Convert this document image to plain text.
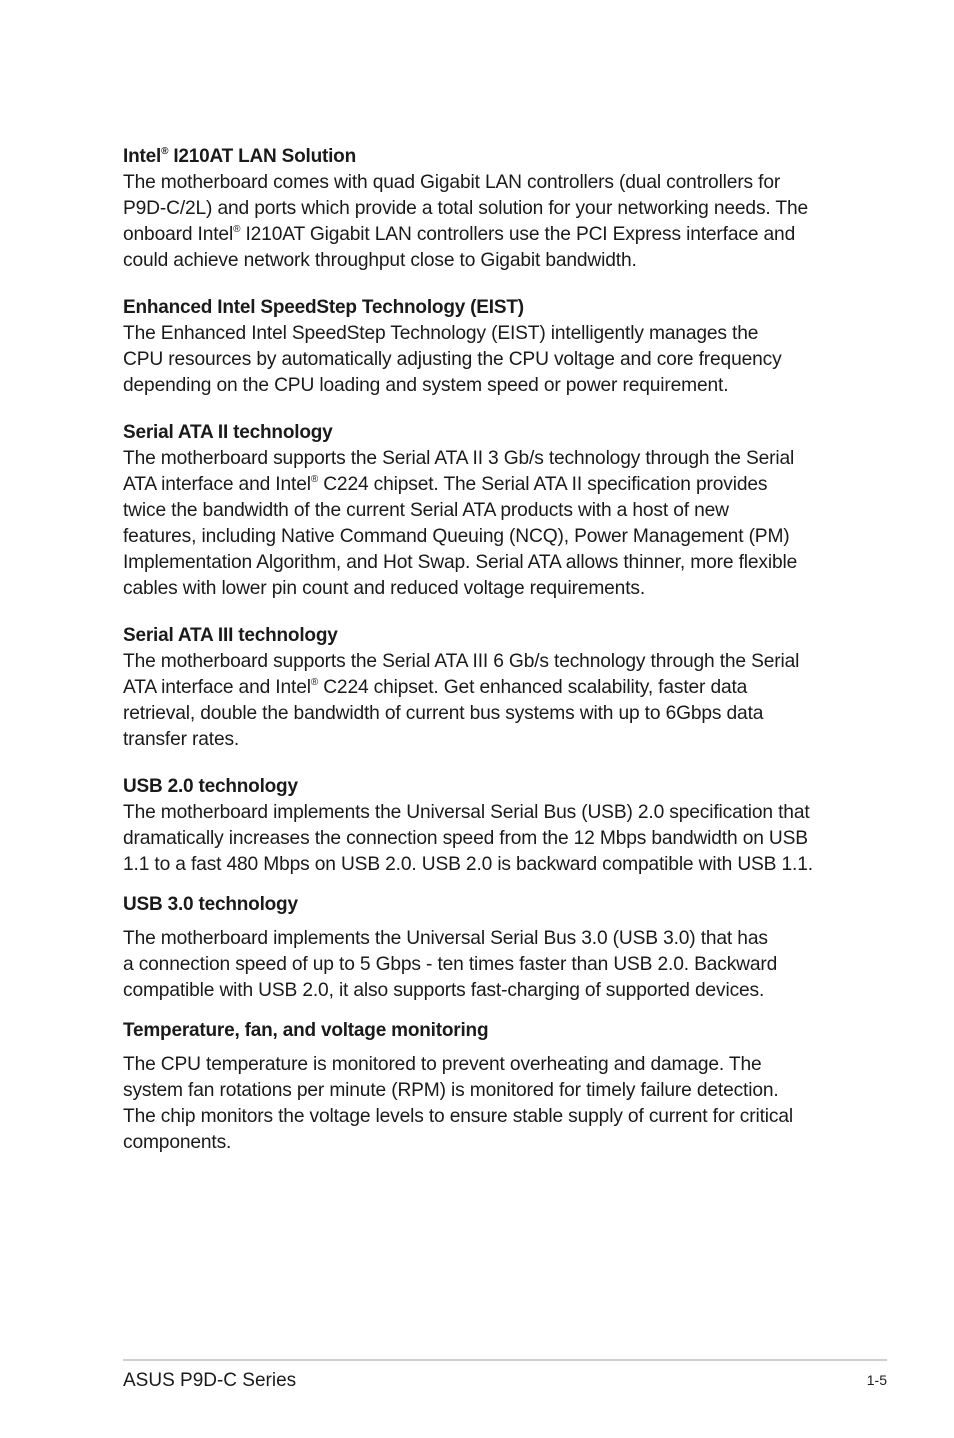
Intel® I210AT LAN Solution

The motherboard comes with quad Gigabit LAN controllers (dual controllers for
P9D-C/2L) and ports which provide a total solution for your networking needs. The
onboard Intel® I210AT Gigabit LAN controllers use the PCI Express interface and
could achieve network throughput close to Gigabit bandwidth.

Enhanced Intel SpeedStep Technology (EIST)

The Enhanced Intel SpeedStep Technology (EIST) intelligently manages the
CPU resources by automatically adjusting the CPU voltage and core frequency
depending on the CPU loading and system speed or power requirement.

Serial ATA II technology

The motherboard supports the Serial ATA II 3 Gb/s technology through the Serial
ATA interface and Intel® C224 chipset. The Serial ATA II specification provides
twice the bandwidth of the current Serial ATA products with a host of new
features, including Native Command Queuing (NCQ), Power Management (PM)
Implementation Algorithm, and Hot Swap. Serial ATA allows thinner, more flexible
cables with lower pin count and reduced voltage requirements.

Serial ATA III technology

The motherboard supports the Serial ATA III 6 Gb/s technology through the Serial
ATA interface and Intel® C224 chipset. Get enhanced scalability, faster data
retrieval, double the bandwidth of current bus systems with up to 6Gbps data
transfer rates.

USB 2.0 technology

The motherboard implements the Universal Serial Bus (USB) 2.0 specification that
dramatically increases the connection speed from the 12 Mbps bandwidth on USB
1.1 to a fast 480 Mbps on USB 2.0. USB 2.0 is backward compatible with USB 1.1.

USB 3.0 technology

The motherboard implements the Universal Serial Bus 3.0 (USB 3.0) that has
a connection speed of up to 5 Gbps - ten times faster than USB 2.0. Backward
compatible with USB 2.0, it also supports fast-charging of supported devices.

Temperature, fan, and voltage monitoring

The CPU temperature is monitored to prevent overheating and damage. The
system fan rotations per minute (RPM) is monitored for timely failure detection.
The chip monitors the voltage levels to ensure stable supply of current for critical
components.

ASUS P9D-C Series	1-5
